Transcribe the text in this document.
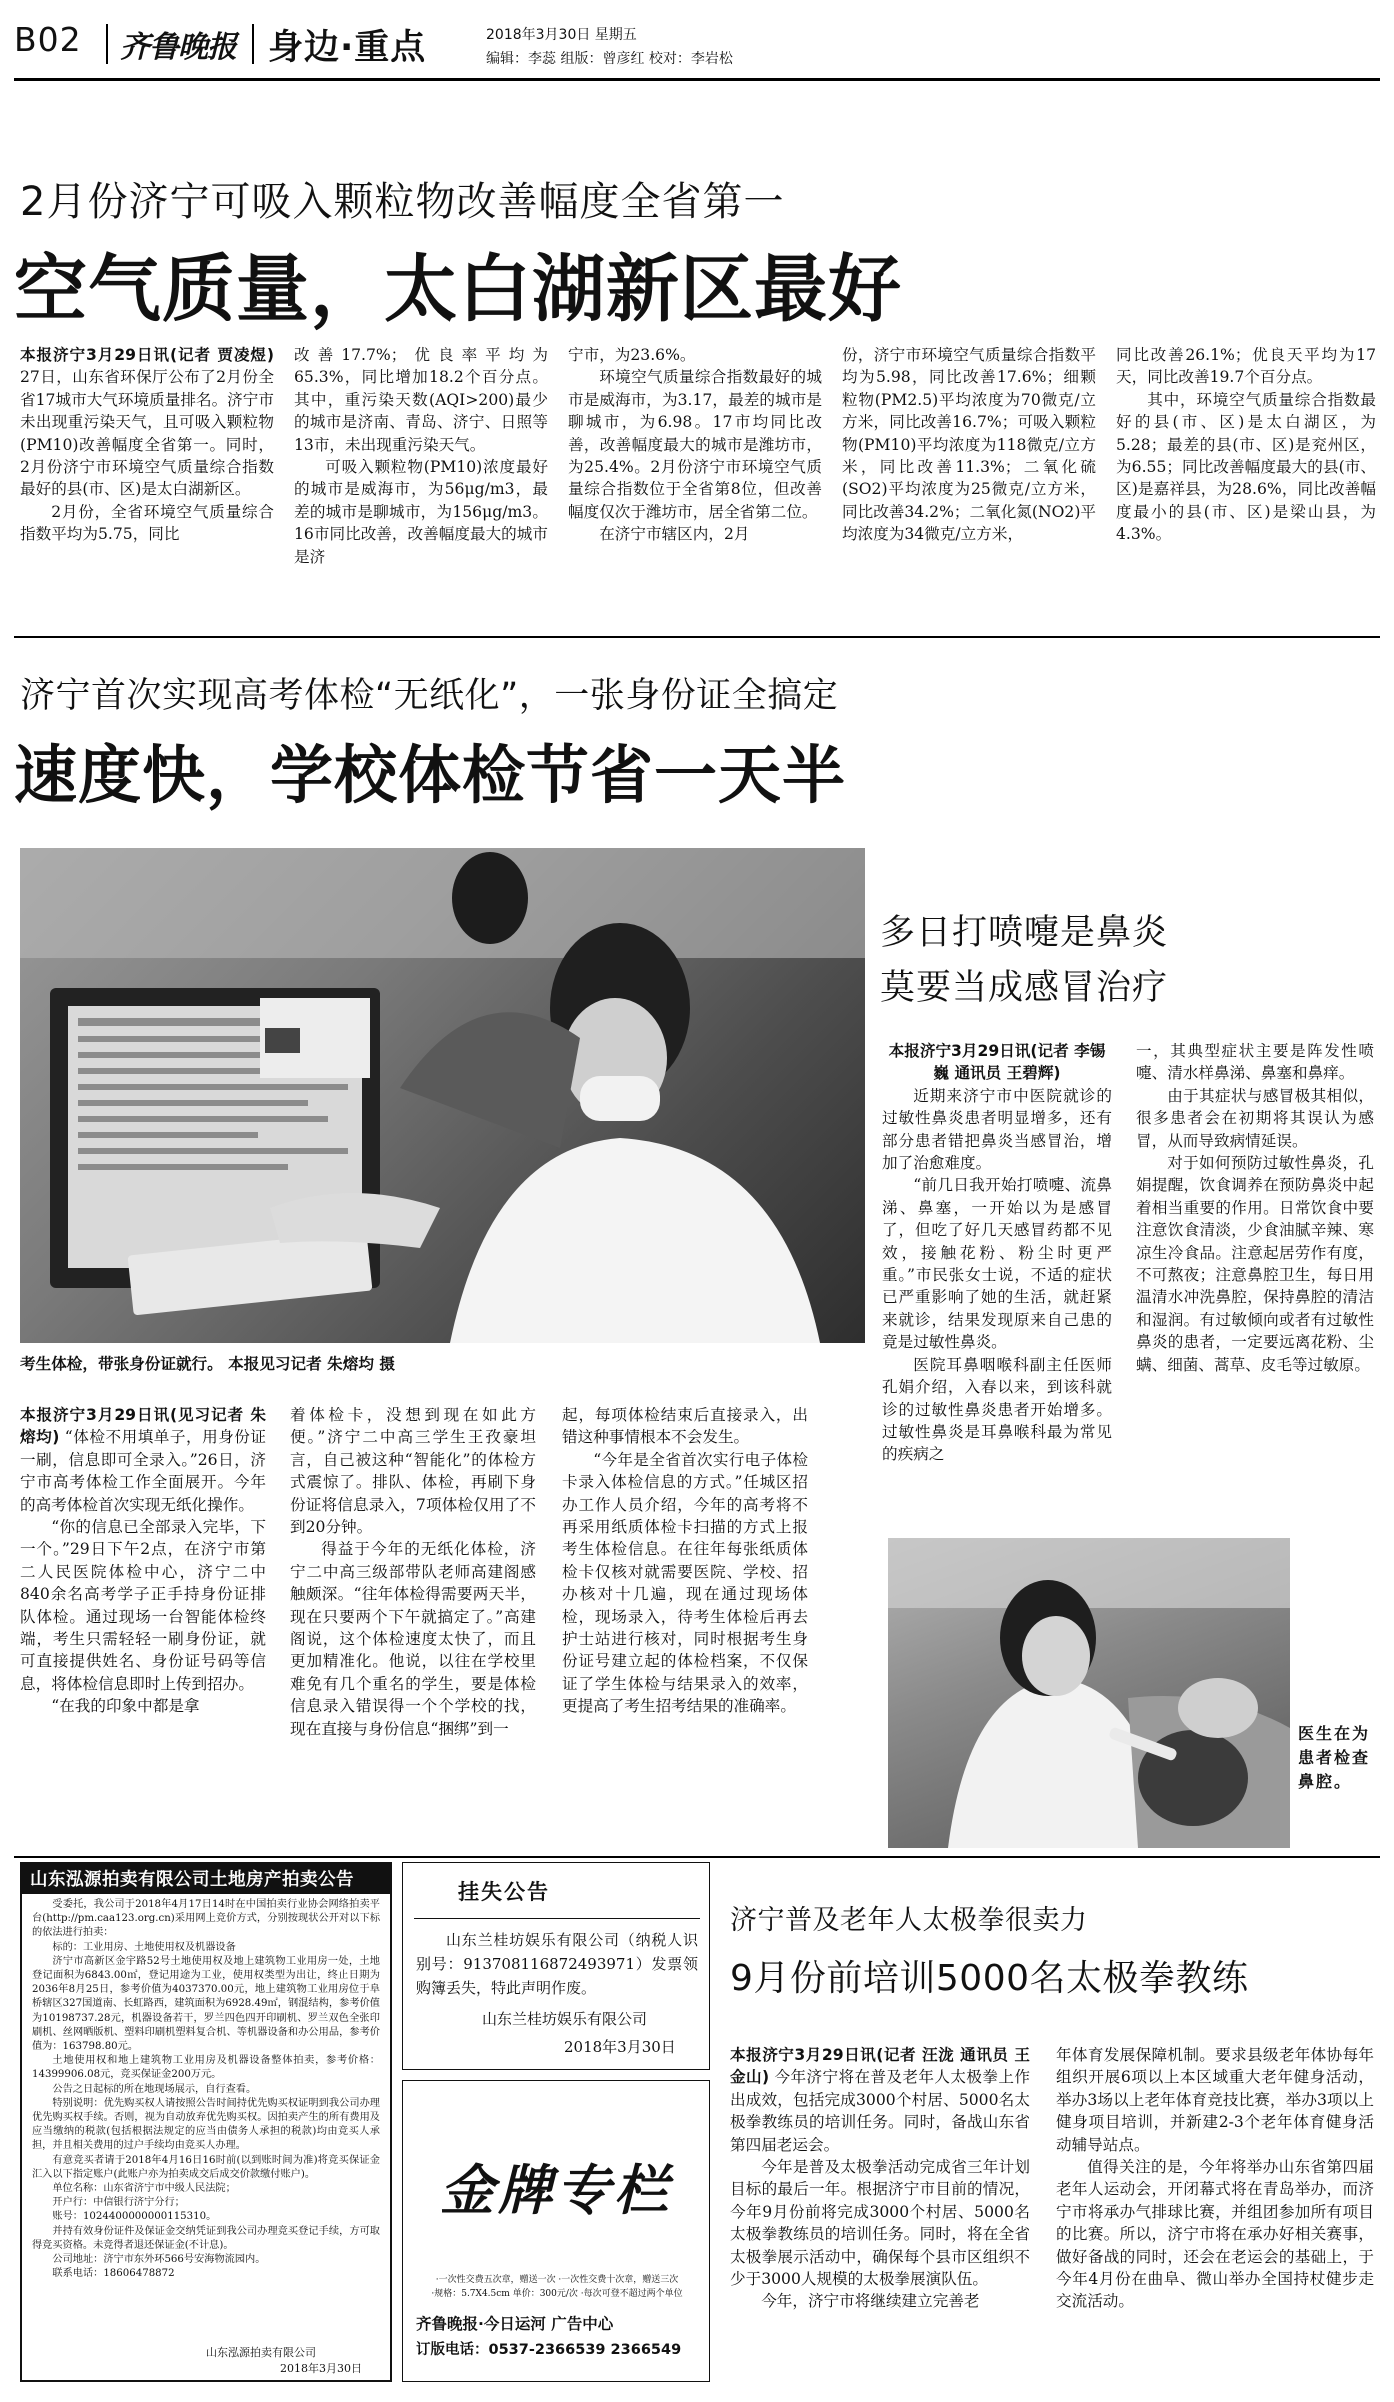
B02 齐鲁晚报 身边·重点	2018年3月30日 星期五
编辑：李蕊 组版：曾彦红 校对：李岩松
2月份济宁可吸入颗粒物改善幅度全省第一
空气质量，太白湖新区最好

本报济宁3月29日讯(记者 贾凌煜) 27日，山东省环保厅公布了2月份全省17城市大气环境质量排名。济宁市未出现重污染天气，且可吸入颗粒物(PM10)改善幅度全省第一。同时，2月份济宁市环境空气质量综合指数最好的县(市、区)是太白湖新区。

2月份，全省环境空气质量综合指数平均为5.75，同比

改善17.7%；优良率平均为65.3%，同比增加18.2个百分点。其中，重污染天数(AQI>200)最少的城市是济南、青岛、济宁、日照等13市，未出现重污染天气。

可吸入颗粒物(PM10)浓度最好的城市是威海市，为56μg/m3，最差的城市是聊城市，为156μg/m3。16市同比改善，改善幅度最大的城市是济

宁市，为23.6%。

环境空气质量综合指数最好的城市是威海市，为3.17，最差的城市是聊城市，为6.98。17市均同比改善，改善幅度最大的城市是潍坊市，为25.4%。2月份济宁市环境空气质量综合指数位于全省第8位，但改善幅度仅次于潍坊市，居全省第二位。

在济宁市辖区内，2月

份，济宁市环境空气质量综合指数平均为5.98，同比改善17.6%；细颗粒物(PM2.5)平均浓度为70微克/立方米，同比改善16.7%；可吸入颗粒物(PM10)平均浓度为118微克/立方米，同比改善11.3%；二氧化硫(SO2)平均浓度为25微克/立方米，同比改善34.2%；二氧化氮(NO2)平均浓度为34微克/立方米，

同比改善26.1%；优良天平均为17天，同比改善19.7个百分点。

其中，环境空气质量综合指数最好的县(市、区)是太白湖区，为5.28；最差的县(市、区)是兖州区，为6.55；同比改善幅度最大的县(市、区)是嘉祥县，为28.6%，同比改善幅度最小的县(市、区)是梁山县，为4.3%。

济宁首次实现高考体检“无纸化”，一张身份证全搞定
速度快，学校体检节省一天半
考生体检，带张身份证就行。 本报见习记者 朱熔均 摄

本报济宁3月29日讯(见习记者 朱熔均) “体检不用填单子，用身份证一刷，信息即可全录入。”26日，济宁市高考体检工作全面展开。今年的高考体检首次实现无纸化操作。

“你的信息已全部录入完毕，下一个。”29日下午2点，在济宁市第二人民医院体检中心，济宁二中840余名高考学子正手持身份证排队体检。通过现场一台智能体检终端，考生只需轻轻一刷身份证，就可直接提供姓名、身份证号码等信息，将体检信息即时上传到招办。

“在我的印象中都是拿

着体检卡，没想到现在如此方便。”济宁二中高三学生王孜豪坦言，自己被这种“智能化”的体检方式震惊了。排队、体检，再刷下身份证将信息录入，7项体检仅用了不到20分钟。

得益于今年的无纸化体检，济宁二中高三级部带队老师高建阁感触颇深。“往年体检得需要两天半，现在只要两个下午就搞定了。”高建阁说，这个体检速度太快了，而且更加精准化。他说，以往在学校里难免有几个重名的学生，要是体检信息录入错误得一个个学校的找，现在直接与身份信息“捆绑”到一

起，每项体检结束后直接录入，出错这种事情根本不会发生。

“今年是全省首次实行电子体检卡录入体检信息的方式。”任城区招办工作人员介绍，今年的高考将不再采用纸质体检卡扫描的方式上报考生体检信息。在往年每张纸质体检卡仅核对就需要医院、学校、招办核对十几遍，现在通过现场体检，现场录入，待考生体检后再去护士站进行核对，同时根据考生身份证号建立起的体检档案，不仅保证了学生体检与结果录入的效率，更提高了考生招考结果的准确率。

多日打喷嚏是鼻炎
莫要当成感冒治疗

本报济宁3月29日讯(记者 李锡巍 通讯员 王碧辉)

近期来济宁市中医院就诊的过敏性鼻炎患者明显增多，还有部分患者错把鼻炎当感冒治，增加了治愈难度。

“前几日我开始打喷嚏、流鼻涕、鼻塞，一开始以为是感冒了，但吃了好几天感冒药都不见效，接触花粉、粉尘时更严重。”市民张女士说，不适的症状已严重影响了她的生活，就赶紧来就诊，结果发现原来自己患的竟是过敏性鼻炎。

医院耳鼻咽喉科副主任医师孔娟介绍，入春以来，到该科就诊的过敏性鼻炎患者开始增多。过敏性鼻炎是耳鼻喉科最为常见的疾病之

一，其典型症状主要是阵发性喷嚏、清水样鼻涕、鼻塞和鼻痒。

由于其症状与感冒极其相似，很多患者会在初期将其误认为感冒，从而导致病情延误。

对于如何预防过敏性鼻炎，孔娟提醒，饮食调养在预防鼻炎中起着相当重要的作用。日常饮食中要注意饮食清淡，少食油腻辛辣、寒凉生冷食品。注意起居劳作有度，不可熬夜；注意鼻腔卫生，每日用温清水冲洗鼻腔，保持鼻腔的清洁和湿润。有过敏倾向或者有过敏性鼻炎的患者，一定要远离花粉、尘螨、细菌、蒿草、皮毛等过敏原。

医生在为患者检查鼻腔。
山东泓源拍卖有限公司土地房产拍卖公告

受委托，我公司于2018年4月17日14时在中国拍卖行业协会网络拍卖平台(http://pm.caa123.org.cn)采用网上竞价方式，分别按现状公开对以下标的依法进行拍卖：

标的：工业用房、土地使用权及机器设备

济宁市高新区金宇路52号土地使用权及地上建筑物工业用房一处，土地登记面积为6843.00㎡，登记用途为工业，使用权类型为出让，终止日期为2036年8月25日，参考价值为4037370.00元，地上建筑物工业用房位于阜桥辖区327国道南、长虹路西，建筑面积为6928.49㎡，钢混结构，参考价值为10198737.28元，机器设备若干，罗兰四色四开印刷机、罗兰双色全张印刷机、丝网晒版机、塑料印刷机塑料复合机、等机器设备和办公用品，参考价值为：163798.80元。

土地使用权和地上建筑物工业用房及机器设备整体拍卖，参考价格：14399906.08元，竞买保证金200万元。

公告之日起标的所在地现场展示，自行查看。

特别说明：优先购买权人请按照公告时间持优先购买权证明到我公司办理优先购买权手续。否则，视为自动放弃优先购买权。因拍卖产生的所有费用及应当缴纳的税款(包括根据法规定的应当由债务人承担的税款)均由竞买人承担，并且相关费用的过户手续均由竞买人办理。

有意竞买者请于2018年4月16日16时前(以到账时间为准)将竞买保证金汇入以下指定账户(此账户亦为拍卖成交后成交价款缴付账户)。

单位名称：山东省济宁市中级人民法院；

开户行：中信银行济宁分行；

账号：1024400000000115310。

并持有效身份证件及保证金交纳凭证到我公司办理竞买登记手续，方可取得竞买资格。未竞得者退还保证金(不计息)。

公司地址：济宁市东外环566号安海物流园内。

联系电话：18606478872

山东泓源拍卖有限公司
2018年3月30日
挂失公告
山东兰桂坊娱乐有限公司（纳税人识别号：913708116872493971）发票领购簿丢失，特此声明作废。
山东兰桂坊娱乐有限公司
2018年3月30日
金牌专栏
·一次性交费五次章，赠送一次 ·一次性交费十次章，赠送三次
·规格：5.7X4.5cm 单价：300元/次 ·每次可登不超过两个单位
齐鲁晚报·今日运河 广告中心
订版电话：0537-2366539 2366549
济宁普及老年人太极拳很卖力
9月份前培训5000名太极拳教练

本报济宁3月29日讯(记者 汪泷 通讯员 王金山) 今年济宁将在普及老年人太极拳上作出成效，包括完成3000个村居、5000名太极拳教练员的培训任务。同时，备战山东省第四届老运会。

今年是普及太极拳活动完成省三年计划目标的最后一年。根据济宁市目前的情况，今年9月份前将完成3000个村居、5000名太极拳教练员的培训任务。同时，将在全省太极拳展示活动中，确保每个县市区组织不少于3000人规模的太极拳展演队伍。

今年，济宁市将继续建立完善老

年体育发展保障机制。要求县级老年体协每年组织开展6项以上本区域重大老年健身活动，举办3场以上老年体育竞技比赛，举办3项以上健身项目培训，并新建2-3个老年体育健身活动辅导站点。

值得关注的是，今年将举办山东省第四届老年人运动会，开闭幕式将在青岛举办，而济宁市将承办气排球比赛，并组团参加所有项目的比赛。所以，济宁市将在承办好相关赛事，做好备战的同时，还会在老运会的基础上，于今年4月份在曲阜、微山举办全国持杖健步走交流活动。
